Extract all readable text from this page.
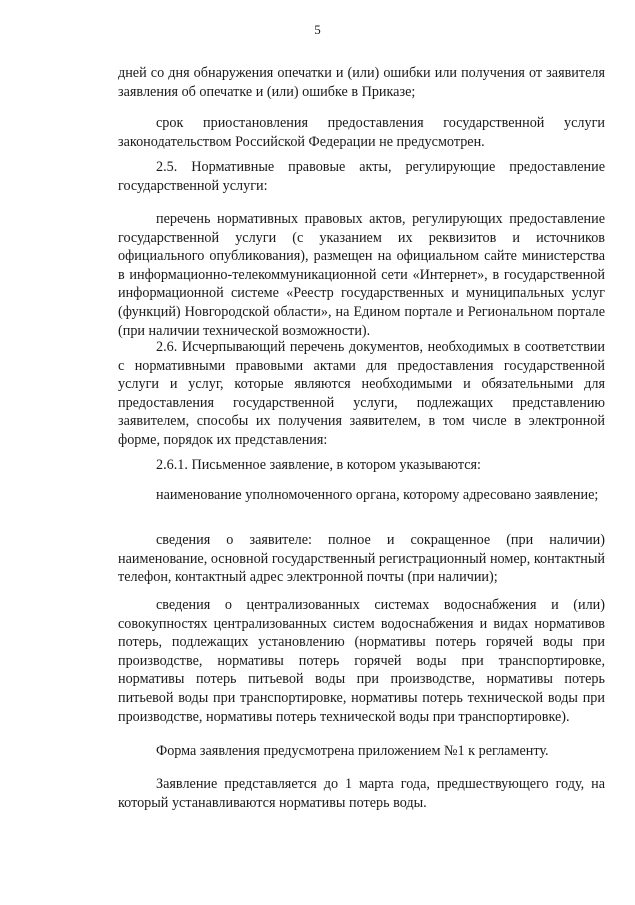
5

дней со дня обнаружения опечатки и (или) ошибки или получения от заявителя заявления об опечатке и (или) ошибке в Приказе;

срок приостановления предоставления государственной услуги законодательством Российской Федерации не предусмотрен.

2.5. Нормативные правовые акты, регулирующие предоставление государственной услуги:

перечень нормативных правовых актов, регулирующих предоставление государственной услуги (с указанием их реквизитов и источников официального опубликования), размещен на официальном сайте министерства в информационно-телекоммуникационной сети «Интернет», в государственной информационной системе «Реестр государственных и муниципальных услуг (функций) Новгородской области», на Едином портале и Региональном портале (при наличии технической возможности).

2.6. Исчерпывающий перечень документов, необходимых в соответствии с нормативными правовыми актами для предоставления государственной услуги и услуг, которые являются необходимыми и обязательными для предоставления государственной услуги, подлежащих представлению заявителем, способы их получения заявителем, в том числе в электронной форме, порядок их представления:

2.6.1. Письменное заявление, в котором указываются:

наименование уполномоченного органа, которому адресовано заявление;

сведения о заявителе: полное и сокращенное (при наличии) наименование, основной государственный регистрационный номер, контактный телефон, контактный адрес электронной почты (при наличии);

сведения о централизованных системах водоснабжения и (или) совокупностях централизованных систем водоснабжения и видах нормативов потерь, подлежащих установлению (нормативы потерь горячей воды при производстве, нормативы потерь горячей воды при транспортировке, нормативы потерь питьевой воды при производстве, нормативы потерь питьевой воды при транспортировке, нормативы потерь технической воды при производстве, нормативы потерь технической воды при транспортировке).

Форма заявления предусмотрена приложением №1 к регламенту.

Заявление представляется до 1 марта года, предшествующего году, на который устанавливаются нормативы потерь воды.
